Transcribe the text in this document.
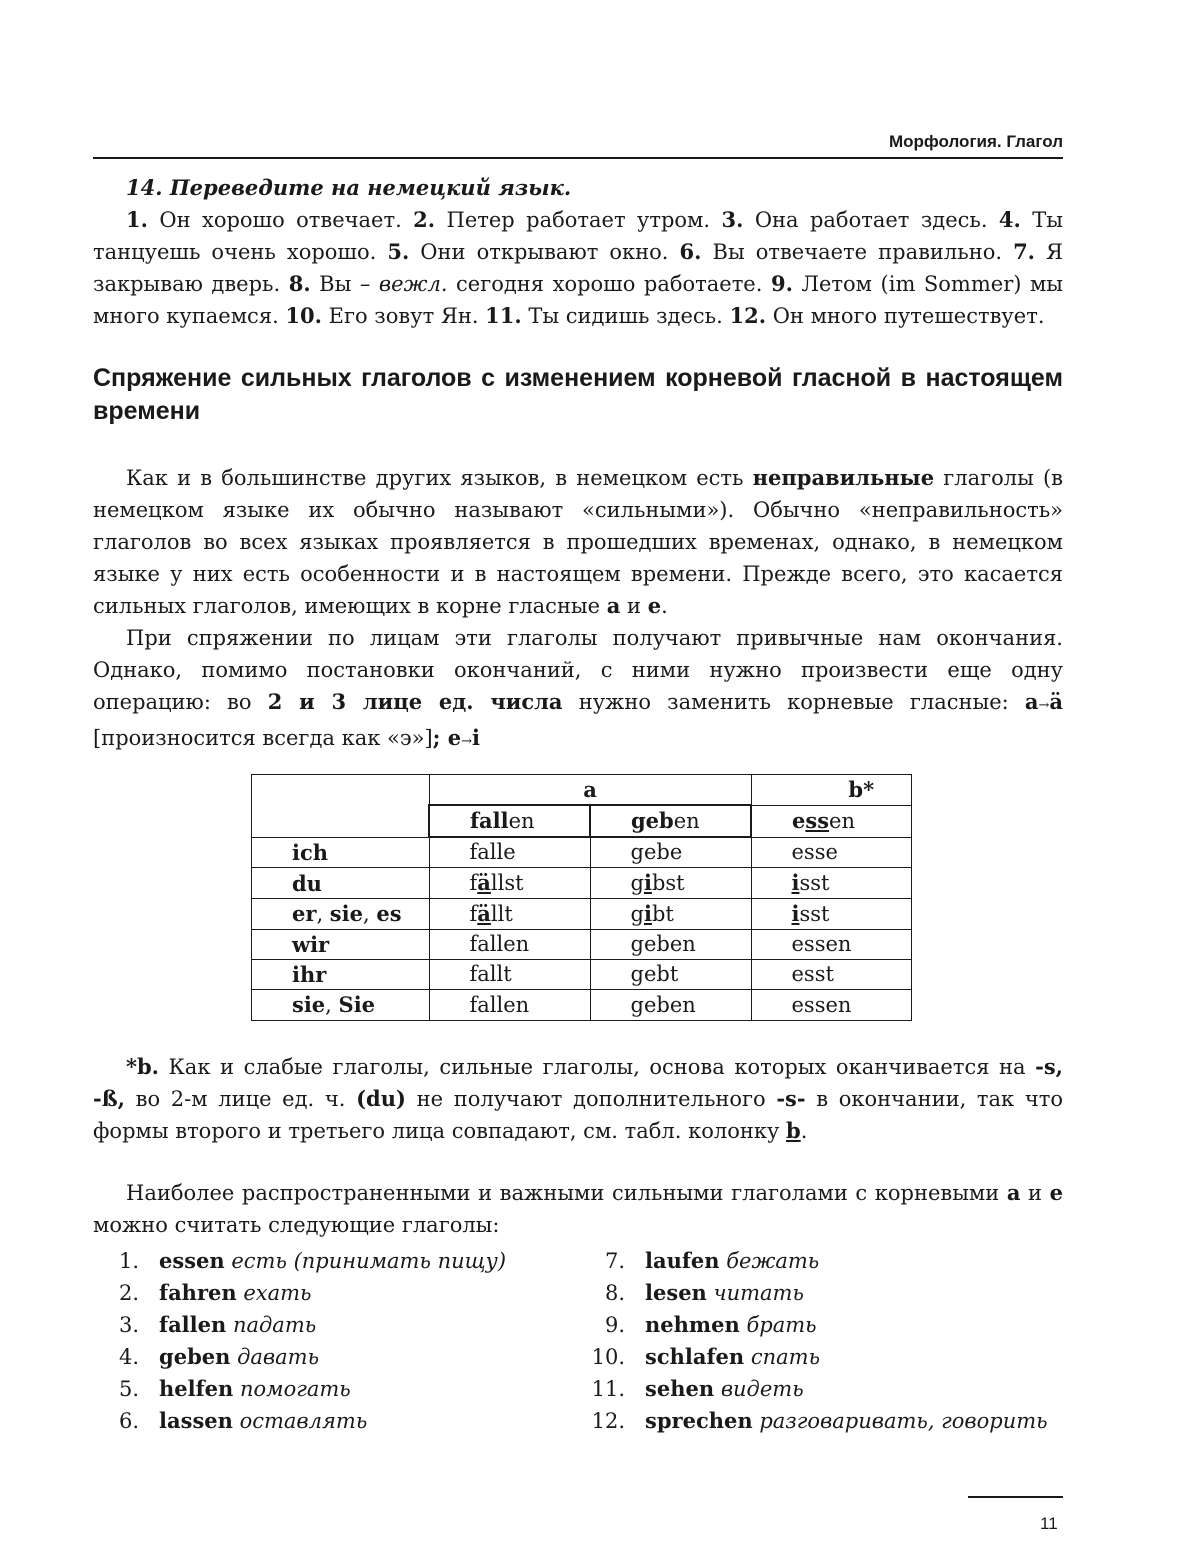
Морфология. Глагол

14. Переведите на немецкий язык.

1. Он хорошо отвечает. 2. Петер работает утром. 3. Она работает здесь. 4. Ты танцуешь очень хорошо. 5. Они открывают окно. 6. Вы отвечаете правильно. 7. Я закрываю дверь. 8. Вы – вежл. сегодня хорошо работаете. 9. Летом (im Sommer) мы много купаемся. 10. Его зовут Ян. 11. Ты сидишь здесь. 12. Он много путешествует.

Спряжение сильных глаголов с изменением корневой гласной в настоящем времени

Как и в большинстве других языков, в немецком есть неправильные глаголы (в немецком языке их обычно называют «сильными»). Обычно «неправильность» глаголов во всех языках проявляется в прошедших временах, однако, в немецком языке у них есть особенности и в настоящем времени. Прежде всего, это касается сильных глаголов, имеющих в корне гласные a и e.

При спряжении по лицам эти глаголы получают привычные нам окончания. Однако, помимо постановки окончаний, с ними нужно произвести еще одну операцию: во 2 и 3 лице ед. числа нужно заменить корневые гласные: a→ä [произносится всегда как «э»]; e→i

	a		b*
	fallen	geben	essen
ich	falle	gebe	esse
du	fällst	gibst	isst
er, sie, es	fällt	gibt	isst
wir	fallen	geben	essen
ihr	fallt	gebt	esst
sie, Sie	fallen	geben	essen

*b. Как и слабые глаголы, сильные глаголы, основа которых оканчивается на -s, -ß, во 2-м лице ед. ч. (du) не получают дополнительного -s- в окончании, так что формы второго и третьего лица совпадают, см. табл. колонку b.

Наиболее распространенными и важными сильными глаголами с корневыми a и e можно считать следующие глаголы:

1. essen есть (принимать пищу)	7. laufen бежать
2. fahren ехать	8. lesen читать
3. fallen падать	9. nehmen брать
4. geben давать	10. schlafen спать
5. helfen помогать	11. sehen видеть
6. lassen оставлять	12. sprechen разговаривать, говорить
11
